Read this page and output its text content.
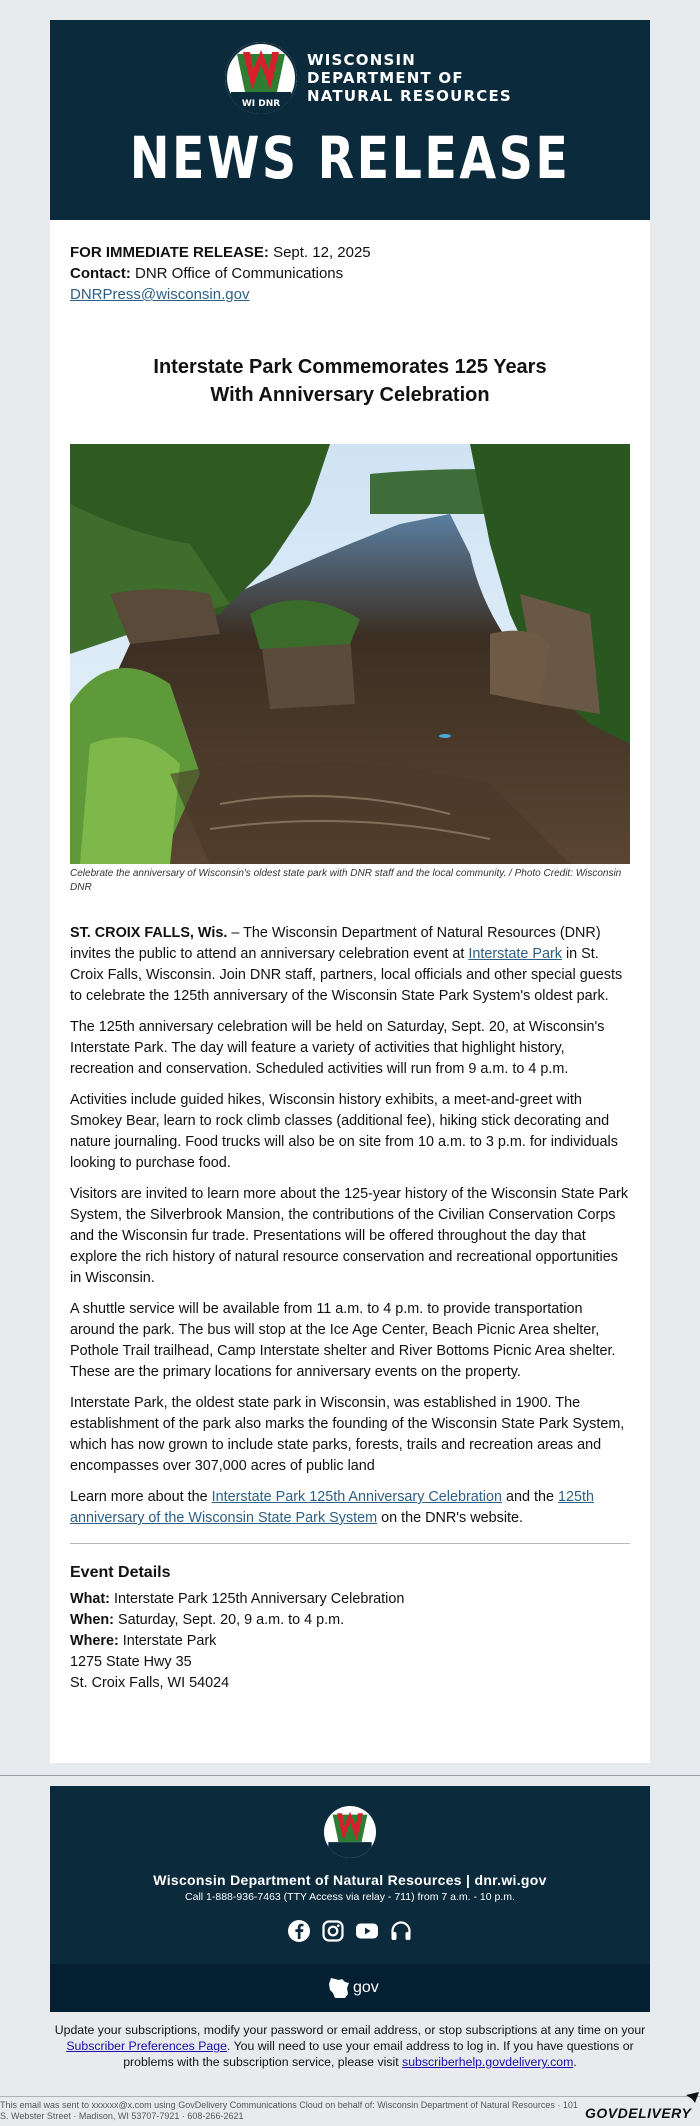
WI DNR
WISCONSIN
DEPARTMENT OF
NATURAL RESOURCES
NEWS RELEASE
FOR IMMEDIATE RELEASE: Sept. 12, 2025
Contact: DNR Office of Communications
DNRPress@wisconsin.gov
Interstate Park Commemorates 125 Years
With Anniversary Celebration
Celebrate the anniversary of Wisconsin's oldest state park with DNR staff and the local community. / Photo Credit: Wisconsin DNR

ST. CROIX FALLS, Wis. – The Wisconsin Department of Natural Resources (DNR) invites the public to attend an anniversary celebration event at Interstate Park in St. Croix Falls, Wisconsin. Join DNR staff, partners, local officials and other special guests to celebrate the 125th anniversary of the Wisconsin State Park System's oldest park.

The 125th anniversary celebration will be held on Saturday, Sept. 20, at Wisconsin's Interstate Park. The day will feature a variety of activities that highlight history, recreation and conservation. Scheduled activities will run from 9 a.m. to 4 p.m.

Activities include guided hikes, Wisconsin history exhibits, a meet-and-greet with Smokey Bear, learn to rock climb classes (additional fee), hiking stick decorating and nature journaling. Food trucks will also be on site from 10 a.m. to 3 p.m. for individuals looking to purchase food.

Visitors are invited to learn more about the 125-year history of the Wisconsin State Park System, the Silverbrook Mansion, the contributions of the Civilian Conservation Corps and the Wisconsin fur trade. Presentations will be offered throughout the day that explore the rich history of natural resource conservation and recreational opportunities in Wisconsin.

A shuttle service will be available from 11 a.m. to 4 p.m. to provide transportation around the park. The bus will stop at the Ice Age Center, Beach Picnic Area shelter, Pothole Trail trailhead, Camp Interstate shelter and River Bottoms Picnic Area shelter. These are the primary locations for anniversary events on the property.

Interstate Park, the oldest state park in Wisconsin, was established in 1900. The establishment of the park also marks the founding of the Wisconsin State Park System, which has now grown to include state parks, forests, trails and recreation areas and encompasses over 307,000 acres of public land

Learn more about the Interstate Park 125th Anniversary Celebration and the 125th anniversary of the Wisconsin State Park System on the DNR's website.

Event Details
What: Interstate Park 125th Anniversary Celebration
When: Saturday, Sept. 20, 9 a.m. to 4 p.m.
Where: Interstate Park
1275 State Hwy 35
St. Croix Falls, WI 54024
Wisconsin Department of Natural Resources | dnr.wi.gov
Call 1-888-936-7463 (TTY Access via relay - 711) from 7 a.m. - 10 p.m.
gov
Update your subscriptions, modify your password or email address, or stop subscriptions at any time on your Subscriber Preferences Page. You will need to use your email address to log in. If you have questions or problems with the subscription service, please visit subscriberhelp.govdelivery.com.
This email was sent to xxxxxx@x.com using GovDelivery Communications Cloud on behalf of: Wisconsin Department of Natural Resources · 101 S. Webster Street · Madison, WI 53707-7921 · 608-266-2621	GOVDELIVERY
